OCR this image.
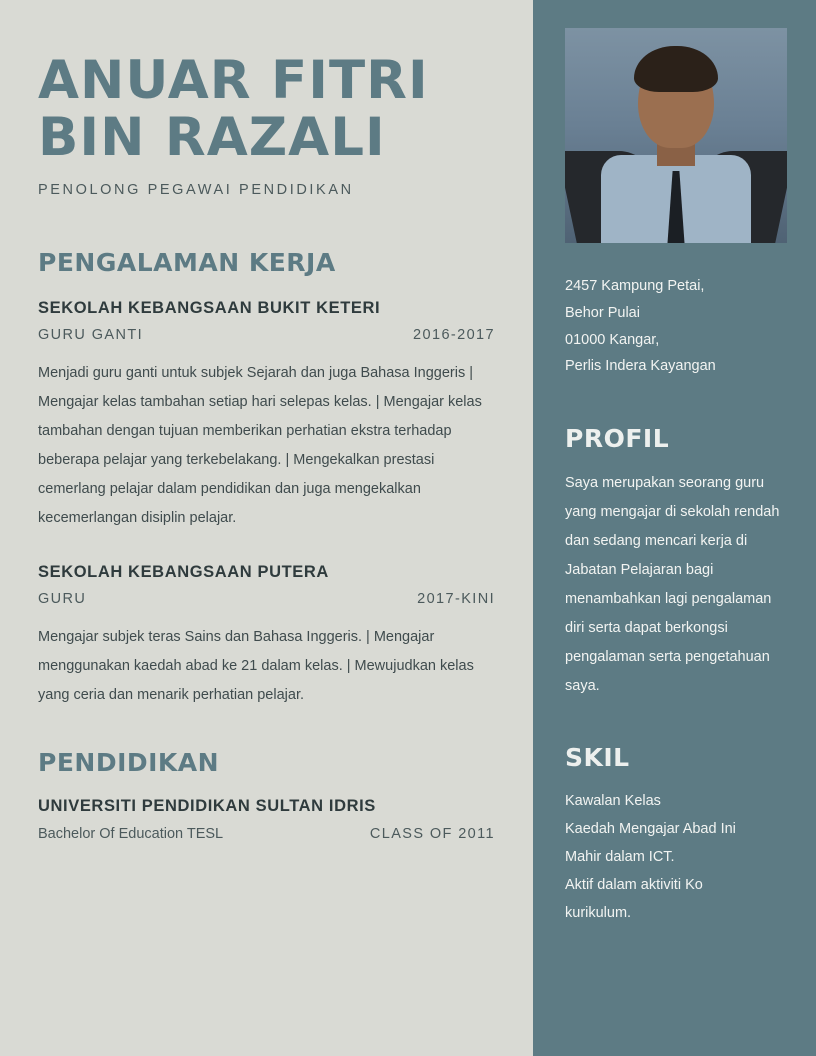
ANUAR FITRI BIN RAZALI
PENOLONG PEGAWAI PENDIDIKAN
PENGALAMAN KERJA
SEKOLAH KEBANGSAAN BUKIT KETERI
GURU GANTI	2016-2017
Menjadi guru ganti untuk subjek Sejarah dan juga Bahasa Inggeris | Mengajar kelas tambahan setiap hari selepas kelas. | Mengajar kelas tambahan dengan tujuan memberikan perhatian ekstra terhadap beberapa pelajar yang terkebelakang. | Mengekalkan prestasi cemerlang pelajar dalam pendidikan dan juga mengekalkan kecemerlangan disiplin pelajar.
SEKOLAH KEBANGSAAN PUTERA
GURU	2017-KINI
Mengajar subjek teras Sains dan Bahasa Inggeris. | Mengajar menggunakan kaedah abad ke 21 dalam kelas. | Mewujudkan kelas yang ceria dan menarik perhatian pelajar.
PENDIDIKAN
UNIVERSITI PENDIDIKAN SULTAN IDRIS
Bachelor Of Education TESL	CLASS OF 2011
2457 Kampung Petai,
Behor Pulai
01000 Kangar,
Perlis Indera Kayangan
PROFIL
Saya merupakan seorang guru yang mengajar di sekolah rendah dan sedang mencari kerja di Jabatan Pelajaran bagi menambahkan lagi pengalaman diri serta dapat berkongsi pengalaman serta pengetahuan saya.
SKIL
Kawalan Kelas
Kaedah Mengajar Abad Ini
Mahir dalam ICT.
Aktif dalam aktiviti Ko
kurikulum.
